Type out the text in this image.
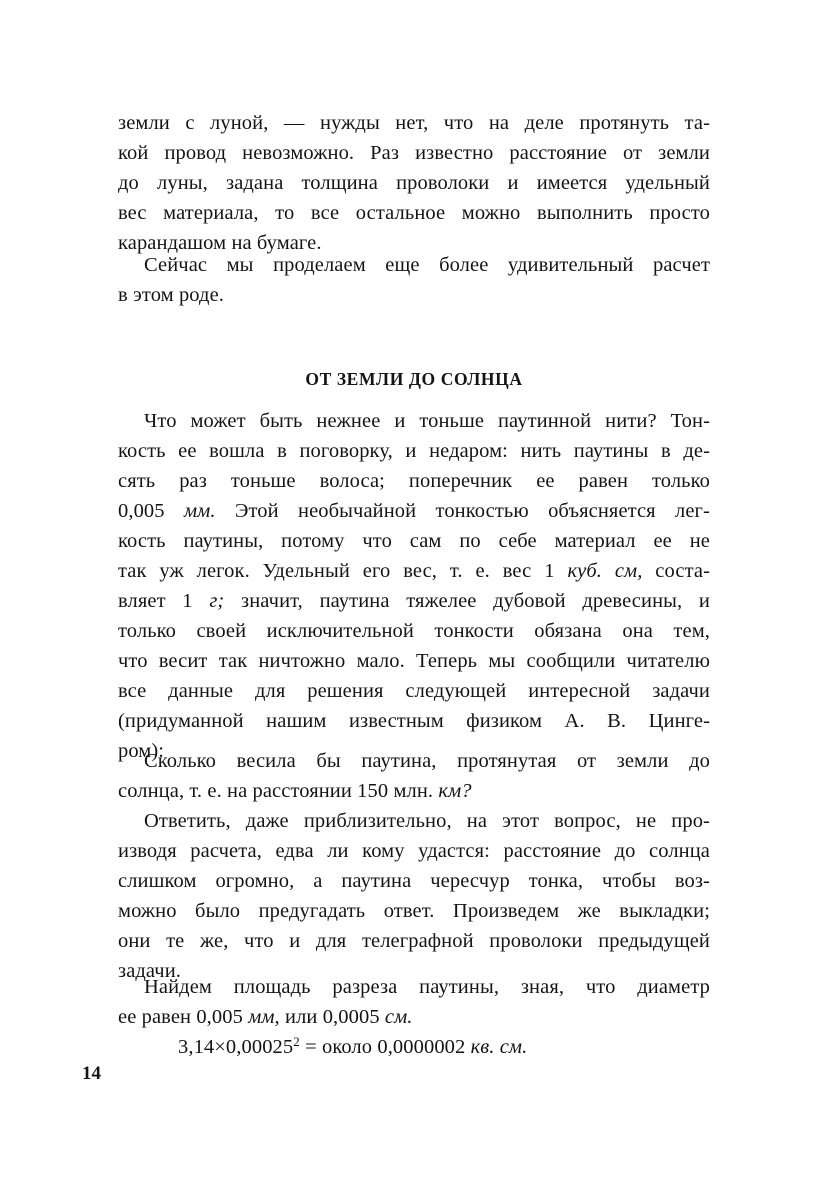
земли с луной, — нужды нет, что на деле протянуть та-
кой провод невозможно. Раз известно расстояние от земли
до луны, задана толщина проволоки и имеется удельный
вес материала, то все остальное можно выполнить просто
карандашом на бумаге.
Сейчас мы проделаем еще более удивительный расчет
в этом роде.
ОТ ЗЕМЛИ ДО СОЛНЦА
Что может быть нежнее и тоньше паутинной нити? Тон-
кость ее вошла в поговорку, и недаром: нить паутины в де-
сять раз тоньше волоса; поперечник ее равен только
0,005 мм. Этой необычайной тонкостью объясняется лег-
кость паутины, потому что сам по себе материал ее не
так уж легок. Удельный его вес, т. е. вес 1 куб. см, соста-
вляет 1 г; значит, паутина тяжелее дубовой древесины, и
только своей исключительной тонкости обязана она тем,
что весит так ничтожно мало. Теперь мы сообщили читателю
все данные для решения следующей интересной задачи
(придуманной нашим известным физиком А. В. Цинге-
ром):
Сколько весила бы паутина, протянутая от земли до
солнца, т. е. на расстоянии 150 млн. км?
Ответить, даже приблизительно, на этот вопрос, не про-
изводя расчета, едва ли кому удастся: расстояние до солнца
слишком огромно, а паутина чересчур тонка, чтобы воз-
можно было предугадать ответ. Произведем же выкладки;
они те же, что и для телеграфной проволоки предыдущей
задачи.
Найдем площадь разреза паутины, зная, что диаметр
ее равен 0,005 мм, или 0,0005 см.
$3,14\times 0,00025^2$ = около 0,0000002 кв. см.
14
